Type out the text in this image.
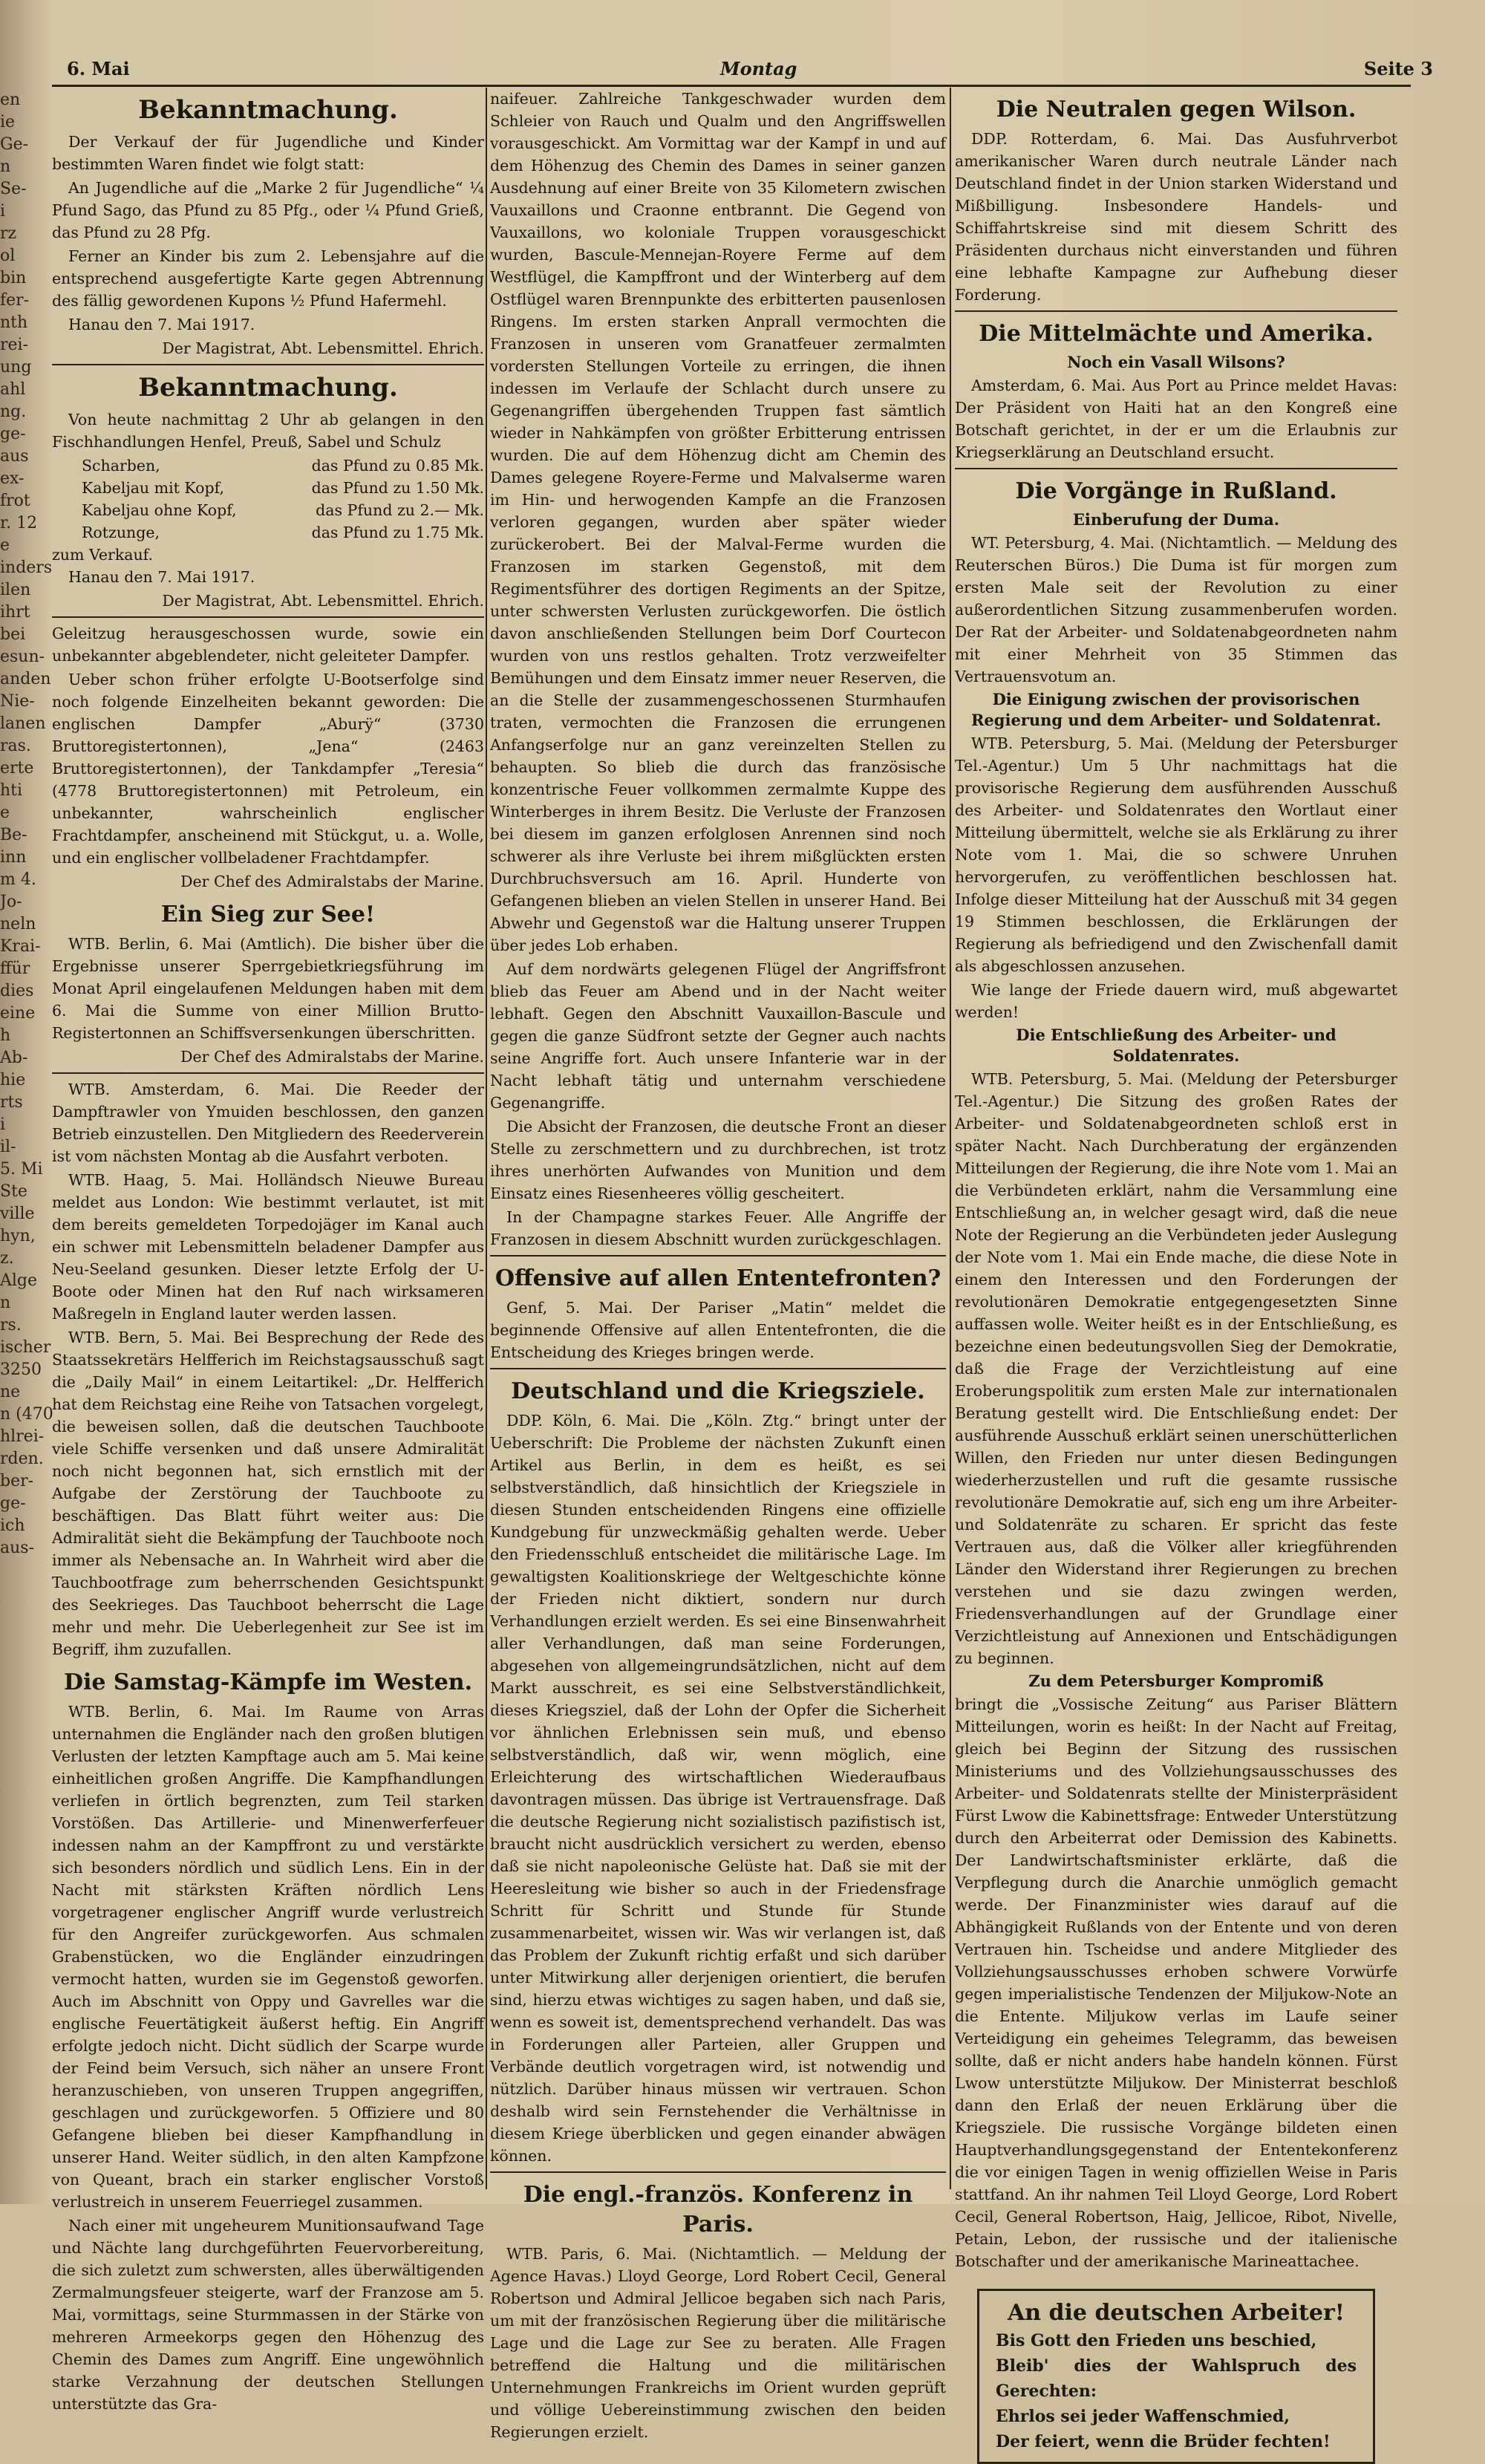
en
ie
Ge-
n
Se-
i
rz
ol
bin
fer-
nth
rei-
ung
ahl
ng.
ge-
aus
ex-
frot
r. 12
e
inders
ilen
ihrt
bei
esun-
anden
Nie-
lanen
ras.
erte
hti
e
Be-
inn
m 4.
Jo-
neln
Krai-
ffür
dies
eine
h
Ab-
hie
rts
i
il-
5. Mi
Ste
ville
hyn,
z.
Alge
n
rs.
ischer
3250
ne
n (470
hlrei-
rden.
ber-
ge-
ich
aus-
6. Mai	Montag	Seite 3
Bekanntmachung.

Der Verkauf der für Jugendliche und Kinder bestimmten Waren findet wie folgt statt:

An Jugendliche auf die „Marke 2 für Jugendliche“ ¼ Pfund Sago, das Pfund zu 85 Pfg., oder ¼ Pfund Grieß, das Pfund zu 28 Pfg.

Ferner an Kinder bis zum 2. Lebensjahre auf die entsprechend ausgefertigte Karte gegen Abtrennung des fällig gewordenen Kupons ½ Pfund Hafermehl.

Hanau den 7. Mai 1917.

Der Magistrat, Abt. Lebensmittel. Ehrich.
Bekanntmachung.

Von heute nachmittag 2 Uhr ab gelangen in den Fischhandlungen Henfel, Preuß, Sabel und Schulz

Scharben,	das Pfund zu 0.85 Mk.
Kabeljau mit Kopf,	das Pfund zu 1.50 Mk.
Kabeljau ohne Kopf,	das Pfund zu 2.— Mk.
Rotzunge,	das Pfund zu 1.75 Mk.
zum Verkauf.

Hanau den 7. Mai 1917.

Der Magistrat, Abt. Lebensmittel. Ehrich.

Geleitzug herausgeschossen wurde, sowie ein unbekannter abgeblendeter, nicht geleiteter Dampfer.

Ueber schon früher erfolgte U-Bootserfolge sind noch folgende Einzelheiten bekannt geworden: Die englischen Dampfer „Aburÿ“ (3730 Bruttoregistertonnen), „Jena“ (2463 Bruttoregistertonnen), der Tankdampfer „Teresia“ (4778 Bruttoregistertonnen) mit Petroleum, ein unbekannter, wahrscheinlich englischer Frachtdampfer, anscheinend mit Stückgut, u. a. Wolle, und ein englischer vollbeladener Frachtdampfer.

Der Chef des Admiralstabs der Marine.
Ein Sieg zur See!

WTB. Berlin, 6. Mai (Amtlich). Die bisher über die Ergebnisse unserer Sperrgebietkriegsführung im Monat April eingelaufenen Meldungen haben mit dem 6. Mai die Summe von einer Million Brutto-Registertonnen an Schiffsversenkungen überschritten.

Der Chef des Admiralstabs der Marine.

WTB. Amsterdam, 6. Mai. Die Reeder der Dampftrawler von Ymuiden beschlossen, den ganzen Betrieb einzustellen. Den Mitgliedern des Reederverein ist vom nächsten Montag ab die Ausfahrt verboten.

WTB. Haag, 5. Mai. Holländsch Nieuwe Bureau meldet aus London: Wie bestimmt verlautet, ist mit dem bereits gemeldeten Torpedojäger im Kanal auch ein schwer mit Lebensmitteln beladener Dampfer aus Neu-Seeland gesunken. Dieser letzte Erfolg der U-Boote oder Minen hat den Ruf nach wirksameren Maßregeln in England lauter werden lassen.

WTB. Bern, 5. Mai. Bei Besprechung der Rede des Staatssekretärs Helfferich im Reichstagsausschuß sagt die „Daily Mail“ in einem Leitartikel: „Dr. Helfferich hat dem Reichstag eine Reihe von Tatsachen vorgelegt, die beweisen sollen, daß die deutschen Tauchboote viele Schiffe versenken und daß unsere Admiralität noch nicht begonnen hat, sich ernstlich mit der Aufgabe der Zerstörung der Tauchboote zu beschäftigen. Das Blatt führt weiter aus: Die Admiralität sieht die Bekämpfung der Tauchboote noch immer als Nebensache an. In Wahrheit wird aber die Tauchbootfrage zum beherrschenden Gesichtspunkt des Seekrieges. Das Tauchboot beherrscht die Lage mehr und mehr. Die Ueberlegenheit zur See ist im Begriff, ihm zuzufallen.

Die Samstag-Kämpfe im Westen.

WTB. Berlin, 6. Mai. Im Raume von Arras unternahmen die Engländer nach den großen blutigen Verlusten der letzten Kampftage auch am 5. Mai keine einheitlichen großen Angriffe. Die Kampfhandlungen verliefen in örtlich begrenzten, zum Teil starken Vorstößen. Das Artillerie- und Minenwerferfeuer indessen nahm an der Kampffront zu und verstärkte sich besonders nördlich und südlich Lens. Ein in der Nacht mit stärksten Kräften nördlich Lens vorgetragener englischer Angriff wurde verlustreich für den Angreifer zurückgeworfen. Aus schmalen Grabenstücken, wo die Engländer einzudringen vermocht hatten, wurden sie im Gegenstoß geworfen. Auch im Abschnitt von Oppy und Gavrelles war die englische Feuertätigkeit äußerst heftig. Ein Angriff erfolgte jedoch nicht. Dicht südlich der Scarpe wurde der Feind beim Versuch, sich näher an unsere Front heranzuschieben, von unseren Truppen angegriffen, geschlagen und zurückgeworfen. 5 Offiziere und 80 Gefangene blieben bei dieser Kampfhandlung in unserer Hand. Weiter südlich, in den alten Kampfzone von Queant, brach ein starker englischer Vorstoß verlustreich in unserem Feuerriegel zusammen.

Nach einer mit ungeheurem Munitionsaufwand Tage und Nächte lang durchgeführten Feuervorbereitung, die sich zuletzt zum schwersten, alles überwältigenden Zermalmungsfeuer steigerte, warf der Franzose am 5. Mai, vormittags, seine Sturmmassen in der Stärke von mehreren Armeekorps gegen den Höhenzug des Chemin des Dames zum Angriff. Eine ungewöhnlich starke Verzahnung der deutschen Stellungen unterstützte das Gra-

naifeuer. Zahlreiche Tankgeschwader wurden dem Schleier von Rauch und Qualm und den Angriffswellen vorausgeschickt. Am Vormittag war der Kampf in und auf dem Höhenzug des Chemin des Dames in seiner ganzen Ausdehnung auf einer Breite von 35 Kilometern zwischen Vauxaillons und Craonne entbrannt. Die Gegend von Vauxaillons, wo koloniale Truppen vorausgeschickt wurden, Bascule-Mennejan-Royere Ferme auf dem Westflügel, die Kampffront und der Winterberg auf dem Ostflügel waren Brennpunkte des erbitterten pausenlosen Ringens. Im ersten starken Anprall vermochten die Franzosen in unseren vom Granatfeuer zermalmten vordersten Stellungen Vorteile zu erringen, die ihnen indessen im Verlaufe der Schlacht durch unsere zu Gegenangriffen übergehenden Truppen fast sämtlich wieder in Nahkämpfen von größter Erbitterung entrissen wurden. Die auf dem Höhenzug dicht am Chemin des Dames gelegene Royere-Ferme und Malvalserme waren im Hin- und herwogenden Kampfe an die Franzosen verloren gegangen, wurden aber später wieder zurückerobert. Bei der Malval-Ferme wurden die Franzosen im starken Gegenstoß, mit dem Regimentsführer des dortigen Regiments an der Spitze, unter schwersten Verlusten zurückgeworfen. Die östlich davon anschließenden Stellungen beim Dorf Courtecon wurden von uns restlos gehalten. Trotz verzweifelter Bemühungen und dem Einsatz immer neuer Reserven, die an die Stelle der zusammengeschossenen Sturmhaufen traten, vermochten die Franzosen die errungenen Anfangserfolge nur an ganz vereinzelten Stellen zu behaupten. So blieb die durch das französische konzentrische Feuer vollkommen zermalmte Kuppe des Winterberges in ihrem Besitz. Die Verluste der Franzosen bei diesem im ganzen erfolglosen Anrennen sind noch schwerer als ihre Verluste bei ihrem mißglückten ersten Durchbruchsversuch am 16. April. Hunderte von Gefangenen blieben an vielen Stellen in unserer Hand. Bei Abwehr und Gegenstoß war die Haltung unserer Truppen über jedes Lob erhaben.

Auf dem nordwärts gelegenen Flügel der Angriffsfront blieb das Feuer am Abend und in der Nacht weiter lebhaft. Gegen den Abschnitt Vauxaillon-Bascule und gegen die ganze Südfront setzte der Gegner auch nachts seine Angriffe fort. Auch unsere Infanterie war in der Nacht lebhaft tätig und unternahm verschiedene Gegenangriffe.

Die Absicht der Franzosen, die deutsche Front an dieser Stelle zu zerschmettern und zu durchbrechen, ist trotz ihres unerhörten Aufwandes von Munition und dem Einsatz eines Riesenheeres völlig gescheitert.

In der Champagne starkes Feuer. Alle Angriffe der Franzosen in diesem Abschnitt wurden zurückgeschlagen.

Offensive auf allen Ententefronten?

Genf, 5. Mai. Der Pariser „Matin“ meldet die beginnende Offensive auf allen Ententefronten, die die Entscheidung des Krieges bringen werde.

Deutschland und die Kriegsziele.

DDP. Köln, 6. Mai. Die „Köln. Ztg.“ bringt unter der Ueberschrift: Die Probleme der nächsten Zukunft einen Artikel aus Berlin, in dem es heißt, es sei selbstverständlich, daß hinsichtlich der Kriegsziele in diesen Stunden entscheidenden Ringens eine offizielle Kundgebung für unzweckmäßig gehalten werde. Ueber den Friedensschluß entscheidet die militärische Lage. Im gewaltigsten Koalitionskriege der Weltgeschichte könne der Frieden nicht diktiert, sondern nur durch Verhandlungen erzielt werden. Es sei eine Binsenwahrheit aller Verhandlungen, daß man seine Forderungen, abgesehen von allgemeingrundsätzlichen, nicht auf dem Markt ausschreit, es sei eine Selbstverständlichkeit, dieses Kriegsziel, daß der Lohn der Opfer die Sicherheit vor ähnlichen Erlebnissen sein muß, und ebenso selbstverständlich, daß wir, wenn möglich, eine Erleichterung des wirtschaftlichen Wiederaufbaus davontragen müssen. Das übrige ist Vertrauensfrage. Daß die deutsche Regierung nicht sozialistisch pazifistisch ist, braucht nicht ausdrücklich versichert zu werden, ebenso daß sie nicht napoleonische Gelüste hat. Daß sie mit der Heeresleitung wie bisher so auch in der Friedensfrage Schritt für Schritt und Stunde für Stunde zusammenarbeitet, wissen wir. Was wir verlangen ist, daß das Problem der Zukunft richtig erfaßt und sich darüber unter Mitwirkung aller derjenigen orientiert, die berufen sind, hierzu etwas wichtiges zu sagen haben, und daß sie, wenn es soweit ist, dementsprechend verhandelt. Das was in Forderungen aller Parteien, aller Gruppen und Verbände deutlich vorgetragen wird, ist notwendig und nützlich. Darüber hinaus müssen wir vertrauen. Schon deshalb wird sein Fernstehender die Verhältnisse in diesem Kriege überblicken und gegen einander abwägen können.

Die engl.-französ. Konferenz in Paris.

WTB. Paris, 6. Mai. (Nichtamtlich. — Meldung der Agence Havas.) Lloyd George, Lord Robert Cecil, General Robertson und Admiral Jellicoe begaben sich nach Paris, um mit der französischen Regierung über die militärische Lage und die Lage zur See zu beraten. Alle Fragen betreffend die Haltung und die militärischen Unternehmungen Frankreichs im Orient wurden geprüft und völlige Uebereinstimmung zwischen den beiden Regierungen erzielt.

Die Neutralen gegen Wilson.

DDP. Rotterdam, 6. Mai. Das Ausfuhrverbot amerikanischer Waren durch neutrale Länder nach Deutschland findet in der Union starken Widerstand und Mißbilligung. Insbesondere Handels- und Schiffahrtskreise sind mit diesem Schritt des Präsidenten durchaus nicht einverstanden und führen eine lebhafte Kampagne zur Aufhebung dieser Forderung.

Die Mittelmächte und Amerika.
Noch ein Vasall Wilsons?

Amsterdam, 6. Mai. Aus Port au Prince meldet Havas: Der Präsident von Haiti hat an den Kongreß eine Botschaft gerichtet, in der er um die Erlaubnis zur Kriegserklärung an Deutschland ersucht.

Die Vorgänge in Rußland.
Einberufung der Duma.

WT. Petersburg, 4. Mai. (Nichtamtlich. — Meldung des Reuterschen Büros.) Die Duma ist für morgen zum ersten Male seit der Revolution zu einer außerordentlichen Sitzung zusammenberufen worden. Der Rat der Arbeiter- und Soldatenabgeordneten nahm mit einer Mehrheit von 35 Stimmen das Vertrauensvotum an.

Die Einigung zwischen der provisorischen Regierung und dem Arbeiter- und Soldatenrat.

WTB. Petersburg, 5. Mai. (Meldung der Petersburger Tel.-Agentur.) Um 5 Uhr nachmittags hat die provisorische Regierung dem ausführenden Ausschuß des Arbeiter- und Soldatenrates den Wortlaut einer Mitteilung übermittelt, welche sie als Erklärung zu ihrer Note vom 1. Mai, die so schwere Unruhen hervorgerufen, zu veröffentlichen beschlossen hat. Infolge dieser Mitteilung hat der Ausschuß mit 34 gegen 19 Stimmen beschlossen, die Erklärungen der Regierung als befriedigend und den Zwischenfall damit als abgeschlossen anzusehen.

Wie lange der Friede dauern wird, muß abgewartet werden!

Die Entschließung des Arbeiter- und Soldatenrates.

WTB. Petersburg, 5. Mai. (Meldung der Petersburger Tel.-Agentur.) Die Sitzung des großen Rates der Arbeiter- und Soldatenabgeordneten schloß erst in später Nacht. Nach Durchberatung der ergänzenden Mitteilungen der Regierung, die ihre Note vom 1. Mai an die Verbündeten erklärt, nahm die Versammlung eine Entschließung an, in welcher gesagt wird, daß die neue Note der Regierung an die Verbündeten jeder Auslegung der Note vom 1. Mai ein Ende mache, die diese Note in einem den Interessen und den Forderungen der revolutionären Demokratie entgegengesetzten Sinne auffassen wolle. Weiter heißt es in der Entschließung, es bezeichne einen bedeutungsvollen Sieg der Demokratie, daß die Frage der Verzichtleistung auf eine Eroberungspolitik zum ersten Male zur internationalen Beratung gestellt wird. Die Entschließung endet: Der ausführende Ausschuß erklärt seinen unerschütterlichen Willen, den Frieden nur unter diesen Bedingungen wiederherzustellen und ruft die gesamte russische revolutionäre Demokratie auf, sich eng um ihre Arbeiter- und Soldatenräte zu scharen. Er spricht das feste Vertrauen aus, daß die Völker aller kriegführenden Länder den Widerstand ihrer Regierungen zu brechen verstehen und sie dazu zwingen werden, Friedensverhandlungen auf der Grundlage einer Verzichtleistung auf Annexionen und Entschädigungen zu beginnen.

Zu dem Petersburger Kompromiß

bringt die „Vossische Zeitung“ aus Pariser Blättern Mitteilungen, worin es heißt: In der Nacht auf Freitag, gleich bei Beginn der Sitzung des russischen Ministeriums und des Vollziehungsausschusses des Arbeiter- und Soldatenrats stellte der Ministerpräsident Fürst Lwow die Kabinettsfrage: Entweder Unterstützung durch den Arbeiterrat oder Demission des Kabinetts. Der Landwirtschaftsminister erklärte, daß die Verpflegung durch die Anarchie unmöglich gemacht werde. Der Finanzminister wies darauf auf die Abhängigkeit Rußlands von der Entente und von deren Vertrauen hin. Tscheidse und andere Mitglieder des Vollziehungsausschusses erhoben schwere Vorwürfe gegen imperialistische Tendenzen der Miljukow-Note an die Entente. Miljukow verlas im Laufe seiner Verteidigung ein geheimes Telegramm, das beweisen sollte, daß er nicht anders habe handeln können. Fürst Lwow unterstützte Miljukow. Der Ministerrat beschloß dann den Erlaß der neuen Erklärung über die Kriegsziele. Die russische Vorgänge bildeten einen Hauptverhandlungsgegenstand der Ententekonferenz die vor einigen Tagen in wenig offiziellen Weise in Paris stattfand. An ihr nahmen Teil Lloyd George, Lord Robert Cecil, General Robertson, Haig, Jellicoe, Ribot, Nivelle, Petain, Lebon, der russische und der italienische Botschafter und der amerikanische Marineattachee.

An die deutschen Arbeiter!
Bis Gott den Frieden uns beschied,
Bleib' dies der Wahlspruch des Gerechten:
Ehrlos sei jeder Waffenschmied,
Der feiert, wenn die Brüder fechten!
